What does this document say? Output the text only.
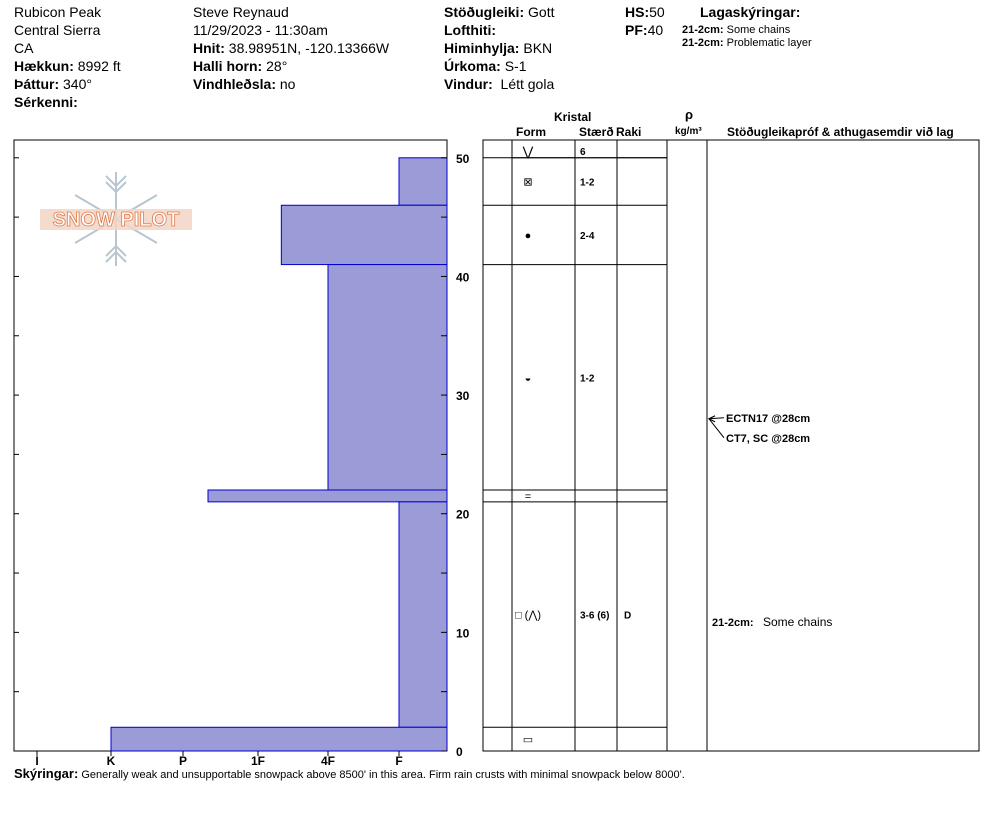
Rubicon Peak
Central Sierra
CA
Hækkun: 8992 ft
Þáttur: 340°
Sérkenni:
Steve Reynaud
11/29/2023 - 11:30am
Hnit: 38.98951N, -120.13366W
Halli horn: 28°
Vindhleðsla: no
Stöðugleiki: Gott
Lofthiti:
Himinhylja: BKN
Úrkoma: S-1
Vindur: Létt gola
HS:50
PF:40
Lagaskýringar:
21-2cm: Some chains
21-2cm: Problematic layer
SNOW PILOT
I	K	P	1F	4F	F
0
10
20
30
40
50	⋁	6
⊠	1-2
●	2-4
◒	1-2
=
□ (⋀)	3-6 (6) D
▭
Kristal
Form	Stærð Raki
ρ
kg/m³ Stöðugleikapróf & athugasemdir við lag
ECTN17 @28cm
CT7, SC @28cm
21-2cm: Some chains
Skýringar: Generally weak and unsupportable snowpack above 8500' in this area. Firm rain crusts with minimal snowpack below 8000'.
